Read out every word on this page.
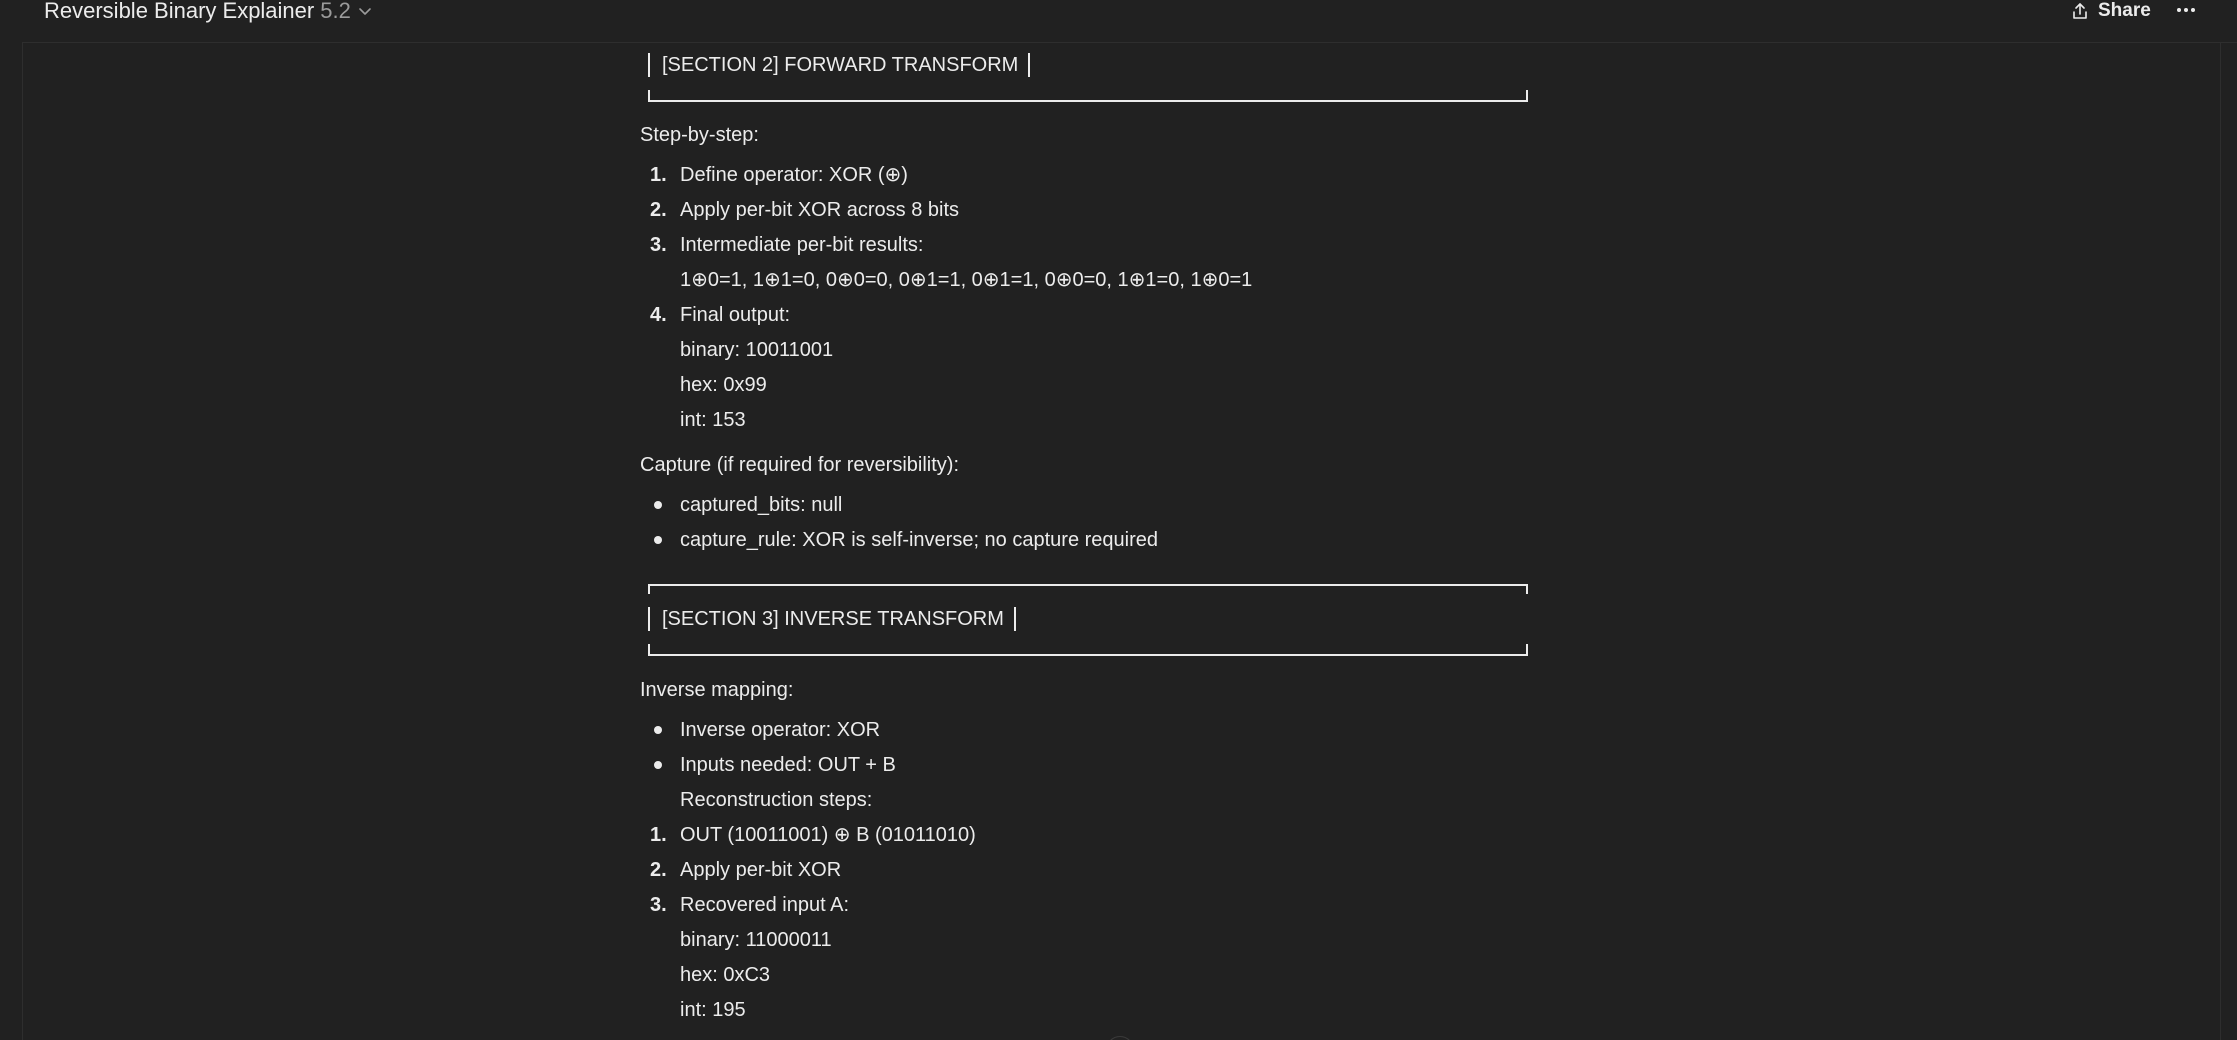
Reversible Binary Explainer 5.2	Share
[SECTION 2] FORWARD TRANSFORM
Step-by-step:
1. Define operator: XOR (⊕)
2. Apply per-bit XOR across 8 bits
3. Intermediate per-bit results:
1⊕0=1, 1⊕1=0, 0⊕0=0, 0⊕1=1, 0⊕1=1, 0⊕0=0, 1⊕1=0, 1⊕0=1
4. Final output:
binary: 10011001
hex: 0x99
int: 153
Capture (if required for reversibility):
captured_bits: null
capture_rule: XOR is self-inverse; no capture required
[SECTION 3] INVERSE TRANSFORM
Inverse mapping:
Inverse operator: XOR
Inputs needed: OUT + B
Reconstruction steps:
1. OUT (10011001) ⊕ B (01011010)
2. Apply per-bit XOR
3. Recovered input A:
binary: 11000011
hex: 0xC3
int: 195
